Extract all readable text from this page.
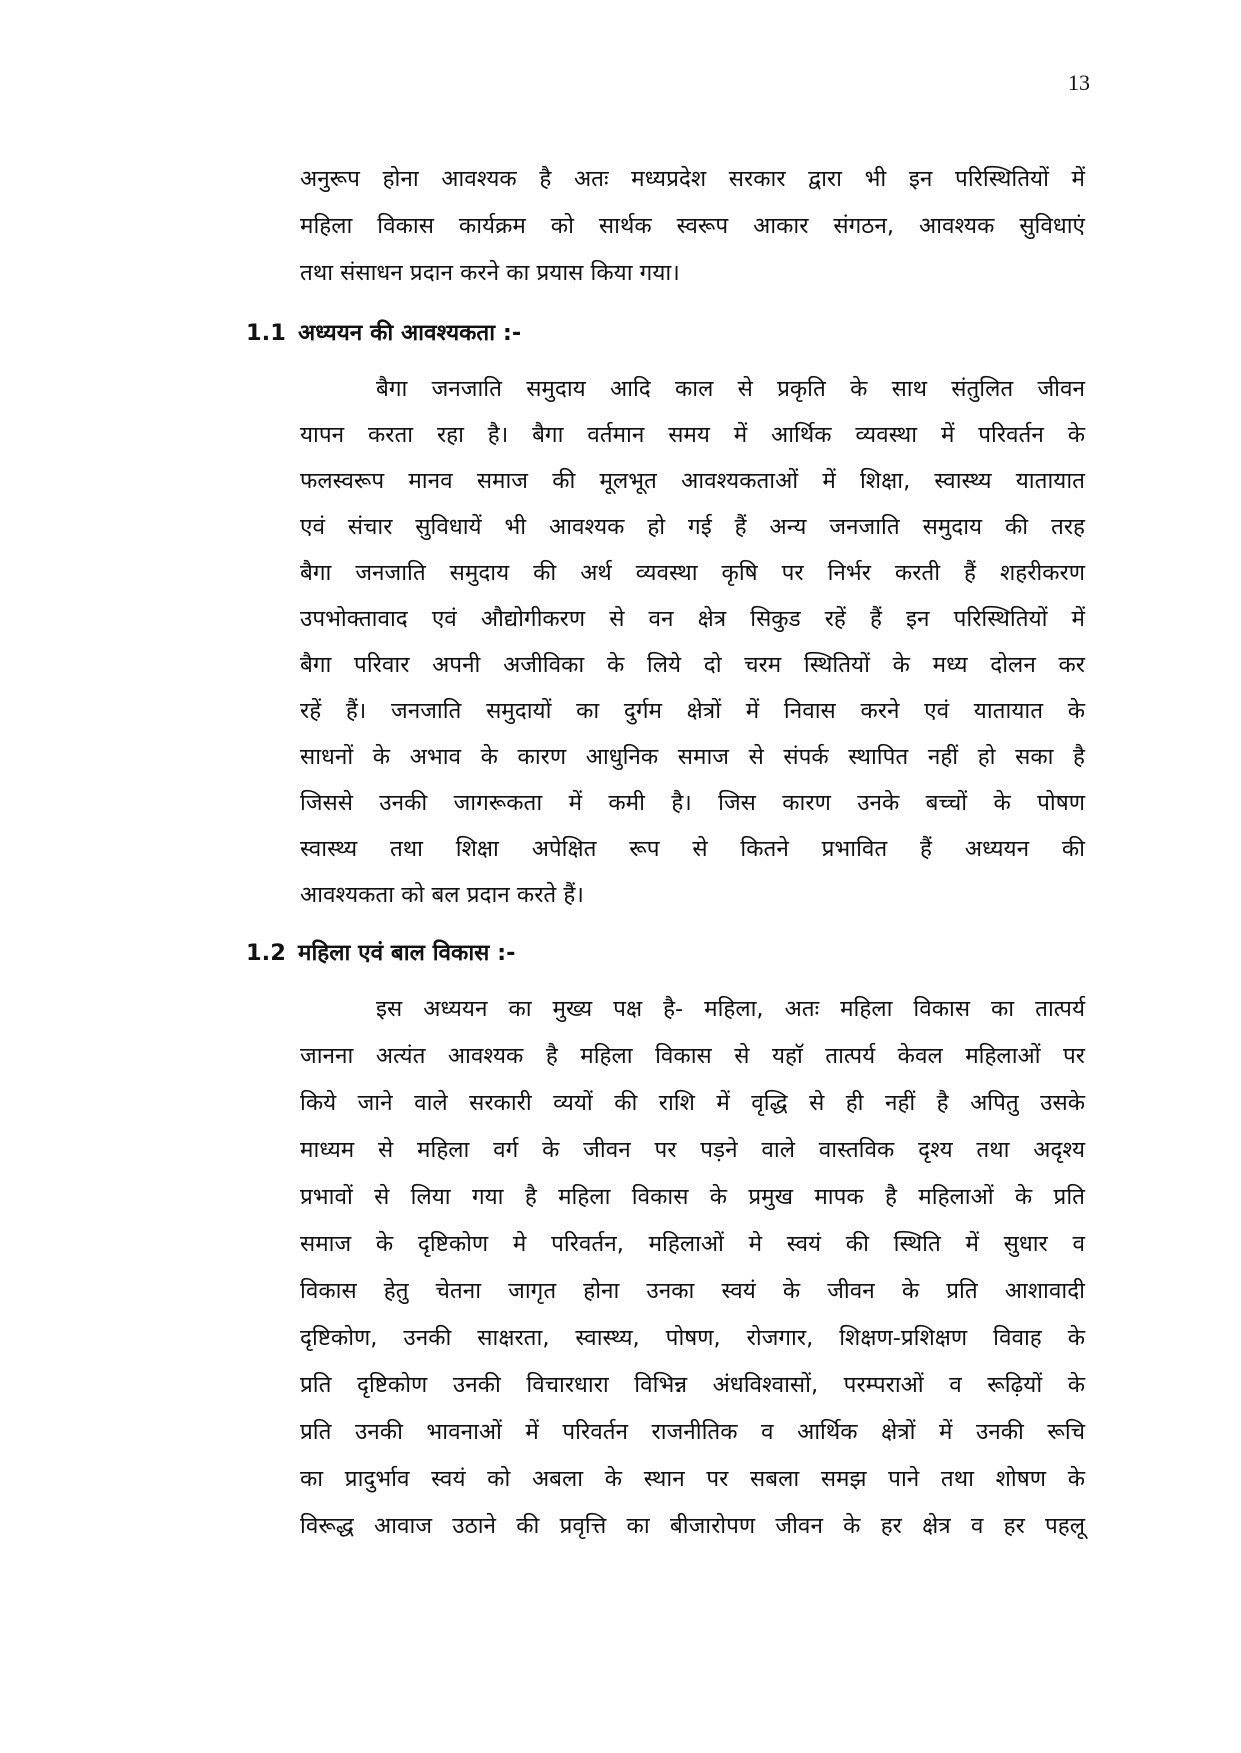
13
अनुरूप होना आवश्यक है अतः मध्यप्रदेश सरकार द्वारा भी इन परिस्थितियों में
महिला विकास कार्यक्रम को सार्थक स्वरूप आकार संगठन, आवश्यक सुविधाएं
तथा संसाधन प्रदान करने का प्रयास किया गया।
1.1 अध्ययन की आवश्यकता :-
बैगा जनजाति समुदाय आदि काल से प्रकृति के साथ संतुलित जीवन
यापन करता रहा है। बैगा वर्तमान समय में आर्थिक व्यवस्था में परिवर्तन के
फलस्वरूप मानव समाज की मूलभूत आवश्यकताओं में शिक्षा, स्वास्थ्य यातायात
एवं संचार सुविधायें भी आवश्यक हो गई हैं अन्य जनजाति समुदाय की तरह
बैगा जनजाति समुदाय की अर्थ व्यवस्था कृषि पर निर्भर करती हैं शहरीकरण
उपभोक्तावाद एवं औद्योगीकरण से वन क्षेत्र सिकुड रहें हैं इन परिस्थितियों में
बैगा परिवार अपनी अजीविका के लिये दो चरम स्थितियों के मध्य दोलन कर
रहें हैं। जनजाति समुदायों का दुर्गम क्षेत्रों में निवास करने एवं यातायात के
साधनों के अभाव के कारण आधुनिक समाज से संपर्क स्थापित नहीं हो सका है
जिससे उनकी जागरूकता में कमी है। जिस कारण उनके बच्चों के पोषण
स्वास्थ्य तथा शिक्षा अपेक्षित रूप से कितने प्रभावित हैं अध्ययन की
आवश्यकता को बल प्रदान करते हैं।
1.2 महिला एवं बाल विकास :-
इस अध्ययन का मुख्य पक्ष है- महिला, अतः महिला विकास का तात्पर्य
जानना अत्यंत आवश्यक है महिला विकास से यहाॅ तात्पर्य केवल महिलाओं पर
किये जाने वाले सरकारी व्ययों की राशि में वृद्धि से ही नहीं है अपितु उसके
माध्यम से महिला वर्ग के जीवन पर पड़ने वाले वास्तविक दृश्य तथा अदृश्य
प्रभावों से लिया गया है महिला विकास के प्रमुख मापक है महिलाओं के प्रति
समाज के दृष्टिकोण मे परिवर्तन, महिलाओं मे स्वयं की स्थिति में सुधार व
विकास हेतु चेतना जागृत होना उनका स्वयं के जीवन के प्रति आशावादी
दृष्टिकोण, उनकी साक्षरता, स्वास्थ्य, पोषण, रोजगार, शिक्षण-प्रशिक्षण विवाह के
प्रति दृष्टिकोण उनकी विचारधारा विभिन्न अंधविश्वासों, परम्पराओं व रूढ़ियों के
प्रति उनकी भावनाओं में परिवर्तन राजनीतिक व आर्थिक क्षेत्रों में उनकी रूचि
का प्रादुर्भाव स्वयं को अबला के स्थान पर सबला समझ पाने तथा शोषण के
विरूद्ध आवाज उठाने की प्रवृत्ति का बीजारोपण जीवन के हर क्षेत्र व हर पहलू
